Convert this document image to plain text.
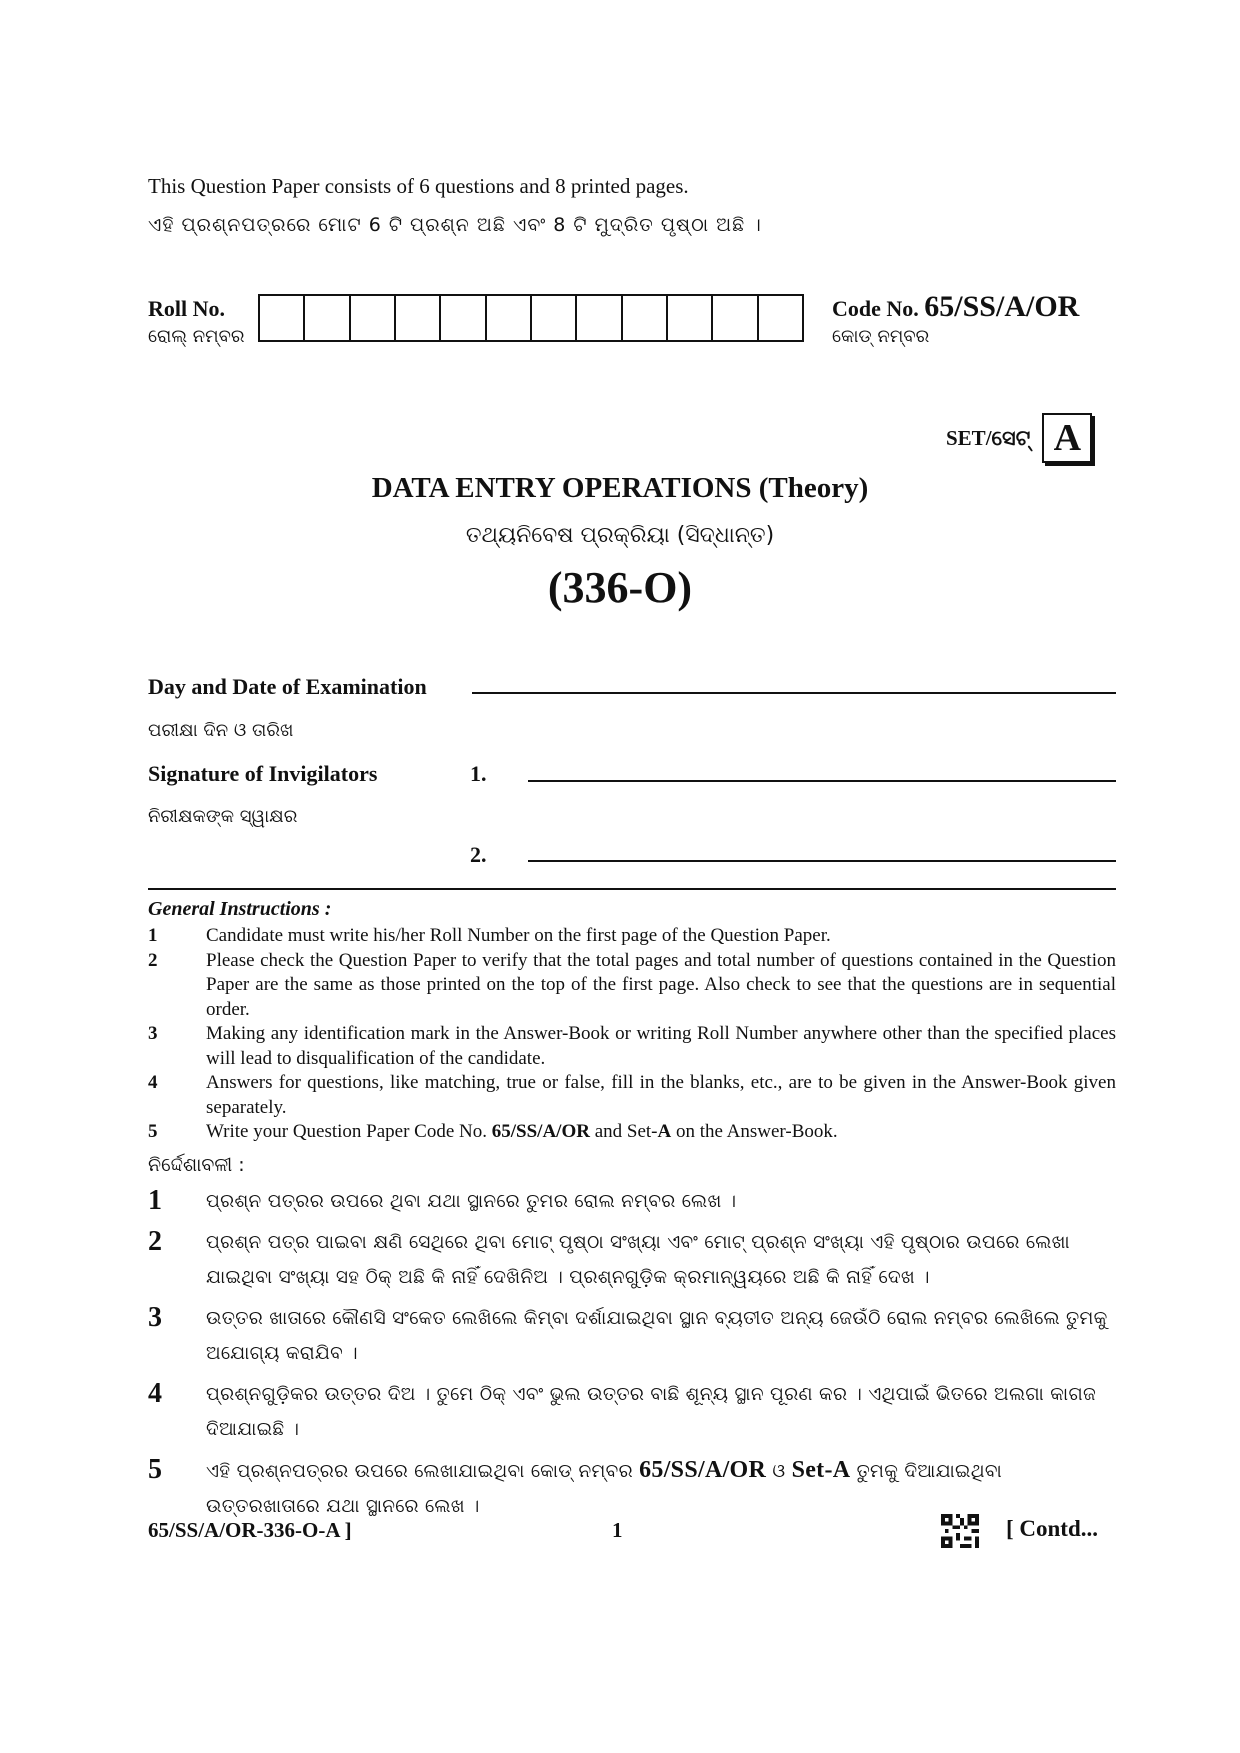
This Question Paper consists of 6 questions and 8 printed pages.
ଏହି ପ୍ରଶ୍ନପତ୍ରରେ ମୋଟ 6 ଟି ପ୍ରଶ୍ନ ଅଛି ଏବଂ 8 ଟି ମୁଦ୍ରିତ ପୃଷ୍ଠା ଅଛି ।
Roll No.
ରୋଲ୍ ନମ୍ବର
Code No. 65/SS/A/OR
କୋଡ୍ ନମ୍ବର
SET/ସେଟ୍ A
DATA ENTRY OPERATIONS (Theory)
ତଥ୍ୟନିବେଷ ପ୍ରକ୍ରିୟା (ସିଦ୍ଧାନ୍ତ)
(336-O)
Day and Date of Examination
ପରୀକ୍ଷା ଦିନ ଓ ତାରିଖ
Signature of Invigilators	1.
ନିରୀକ୍ଷକଙ୍କ ସ୍ୱାକ୍ଷର
2.
General Instructions :
1	Candidate must write his/her Roll Number on the first page of the Question Paper.
2	Please check the Question Paper to verify that the total pages and total number of questions contained in the Question Paper are the same as those printed on the top of the first page. Also check to see that the questions are in sequential order.
3	Making any identification mark in the Answer-Book or writing Roll Number anywhere other than the specified places will lead to disqualification of the candidate.
4	Answers for questions, like matching, true or false, fill in the blanks, etc., are to be given in the Answer-Book given separately.
5	Write your Question Paper Code No. 65/SS/A/OR and Set-A on the Answer-Book.
ନିର୍ଦ୍ଦେଶାବଳୀ :
1	ପ୍ରଶ୍ନ ପତ୍ରର ଉପରେ ଥିବା ଯଥା ସ୍ଥାନରେ ତୁମର ରୋଲ ନମ୍ବର ଲେଖ ।
2	ପ୍ରଶ୍ନ ପତ୍ର ପାଇବା କ୍ଷଣି ସେଥିରେ ଥିବା ମୋଟ୍ ପୃଷ୍ଠା ସଂଖ୍ୟା ଏବଂ ମୋଟ୍ ପ୍ରଶ୍ନ ସଂଖ୍ୟା ଏହି ପୃଷ୍ଠାର ଉପରେ ଲେଖା ଯାଇଥିବା ସଂଖ୍ୟା ସହ ଠିକ୍ ଅଛି କି ନାହିଁ ଦେଖିନିଅ । ପ୍ରଶ୍ନଗୁଡ଼ିକ କ୍ରମାନ୍ୱୟରେ ଅଛି କି ନାହିଁ ଦେଖ ।
3	ଉତ୍ତର ଖାତାରେ କୌଣସି ସଂକେତ ଲେଖିଲେ କିମ୍ବା ଦର୍ଶାଯାଇଥିବା ସ୍ଥାନ ବ୍ୟତୀତ ଅନ୍ୟ ଜେଉଁଠି ରୋଲ ନମ୍ବର ଲେଖିଲେ ତୁମକୁ ଅଯୋଗ୍ୟ କରାଯିବ ।
4	ପ୍ରଶ୍ନଗୁଡ଼ିକର ଉତ୍ତର ଦିଅ । ତୁମେ ଠିକ୍ ଏବଂ ଭୁଲ ଉତ୍ତର ବାଛି ଶୂନ୍ୟ ସ୍ଥାନ ପୂରଣ କର । ଏଥିପାଇଁ ଭିତରେ ଅଲଗା କାଗଜ ଦିଆଯାଇଛି ।
5	ଏହି ପ୍ରଶ୍ନପତ୍ରର ଉପରେ ଲେଖାଯାଇଥିବା କୋଡ୍ ନମ୍ବର 65/SS/A/OR ଓ Set-A ତୁମକୁ ଦିଆଯାଇଥିବା ଉତ୍ତରଖାତାରେ ଯଥା ସ୍ଥାନରେ ଲେଖ ।
65/SS/A/OR-336-O-A ]	1	[ Contd...
